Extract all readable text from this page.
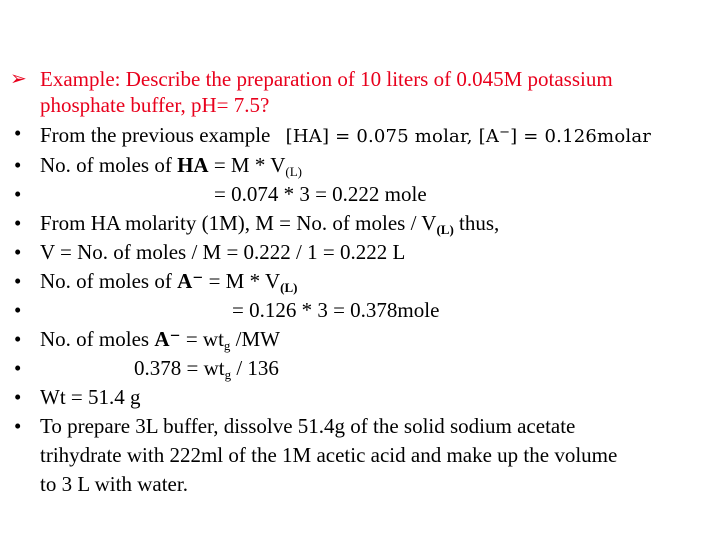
➢ Example: Describe the preparation of 10 liters of 0.045M potassium
phosphate buffer, pH= 7.5?
• From the previous example [HA] = 0.075 molar, [A−] = 0.126molar
• No. of moles of HA = M * $V_{(L)}$
•	= 0.074 * 3 = 0.222 mole
• From HA molarity (1M), M = No. of moles / $V_{(L)}$ thus,
• V = No. of moles / M = 0.222 / 1 = 0.222 L
• No. of moles of $A^- = M * V_{(L)}$
•	= 0.126 * 3 = 0.378mole
• No. of moles $A^- = wt_g$ /MW
•	$0.378 = wt_g / 136$
• Wt = 51.4 g
• To prepare 3L buffer, dissolve 51.4g of the solid sodium acetate
trihydrate with 222ml of the 1M acetic acid and make up the volume
to 3 L with water.
